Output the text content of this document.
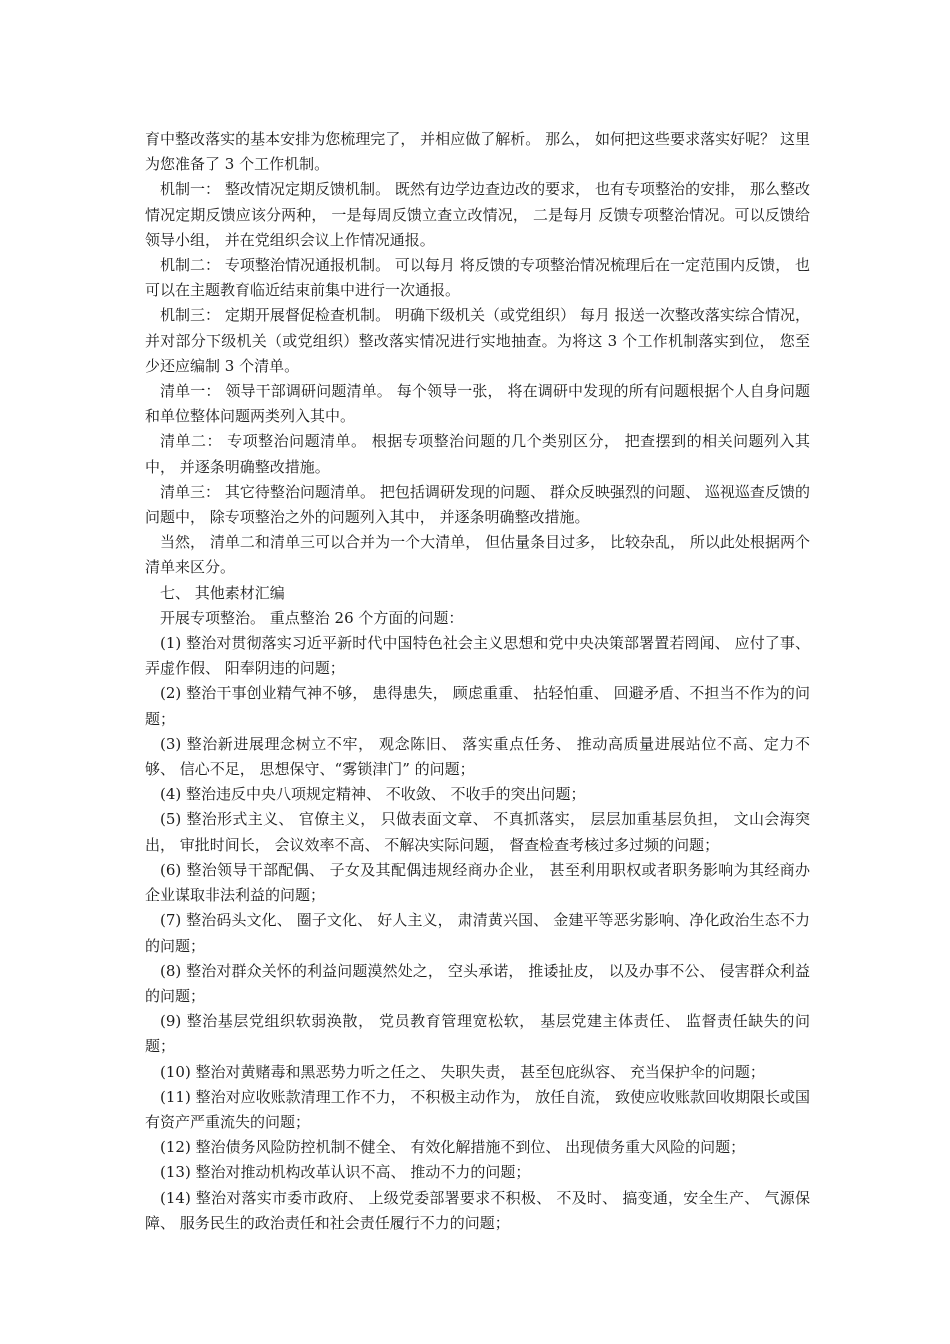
育中整改落实的基本安排为您梳理完了， 并相应做了解析。 那么， 如何把这些要求落实好呢？ 这里为您准备了 3 个工作机制。

机制一： 整改情况定期反馈机制。 既然有边学边查边改的要求， 也有专项整治的安排， 那么整改情况定期反馈应该分两种， 一是每周反馈立查立改情况， 二是每月 反馈专项整治情况。可以反馈给领导小组， 并在党组织会议上作情况通报。

机制二： 专项整治情况通报机制。 可以每月 将反馈的专项整治情况梳理后在一定范围内反馈， 也可以在主题教育临近结束前集中进行一次通报。

机制三： 定期开展督促检查机制。 明确下级机关（或党组织） 每月 报送一次整改落实综合情况， 并对部分下级机关（或党组织）整改落实情况进行实地抽查。为将这 3 个工作机制落实到位， 您至少还应编制 3 个清单。

清单一： 领导干部调研问题清单。 每个领导一张， 将在调研中发现的所有问题根据个人自身问题和单位整体问题两类列入其中。

清单二： 专项整治问题清单。 根据专项整治问题的几个类别区分， 把查摆到的相关问题列入其中， 并逐条明确整改措施。

清单三： 其它待整治问题清单。 把包括调研发现的问题、 群众反映强烈的问题、 巡视巡查反馈的问题中， 除专项整治之外的问题列入其中， 并逐条明确整改措施。

当然， 清单二和清单三可以合并为一个大清单， 但估量条目过多， 比较杂乱， 所以此处根据两个清单来区分。

七、 其他素材汇编

开展专项整治。 重点整治 26 个方面的问题：

(1) 整治对贯彻落实习近平新时代中国特色社会主义思想和党中央决策部署置若罔闻、 应付了事、 弄虚作假、 阳奉阴违的问题；

(2) 整治干事创业精气神不够， 患得患失， 顾虑重重、 拈轻怕重、 回避矛盾、不担当不作为的问题；

(3) 整治新进展理念树立不牢， 观念陈旧、 落实重点任务、 推动高质量进展站位不高、定力不够、 信心不足， 思想保守、“雾锁津门” 的问题；

(4) 整治违反中央八项规定精神、 不收敛、 不收手的突出问题；

(5) 整治形式主义、 官僚主义， 只做表面文章、 不真抓落实， 层层加重基层负担， 文山会海突出， 审批时间长， 会议效率不高、 不解决实际问题， 督查检查考核过多过频的问题；

(6) 整治领导干部配偶、 子女及其配偶违规经商办企业， 甚至利用职权或者职务影响为其经商办企业谋取非法利益的问题；

(7) 整治码头文化、 圈子文化、 好人主义， 肃清黄兴国、 金建平等恶劣影响、净化政治生态不力的问题；

(8) 整治对群众关怀的利益问题漠然处之， 空头承诺， 推诿扯皮， 以及办事不公、 侵害群众利益的问题；

(9) 整治基层党组织软弱涣散， 党员教育管理宽松软， 基层党建主体责任、 监督责任缺失的问题；

(10) 整治对黄赌毒和黑恶势力听之任之、 失职失责， 甚至包庇纵容、 充当保护伞的问题；

(11) 整治对应收账款清理工作不力， 不积极主动作为， 放任自流， 致使应收账款回收期限长或国有资产严重流失的问题；

(12) 整治债务风险防控机制不健全、 有效化解措施不到位、 出现债务重大风险的问题；

(13) 整治对推动机构改革认识不高、 推动不力的问题；

(14) 整治对落实市委市政府、 上级党委部署要求不积极、 不及时、 搞变通，安全生产、 气源保障、 服务民生的政治责任和社会责任履行不力的问题；
